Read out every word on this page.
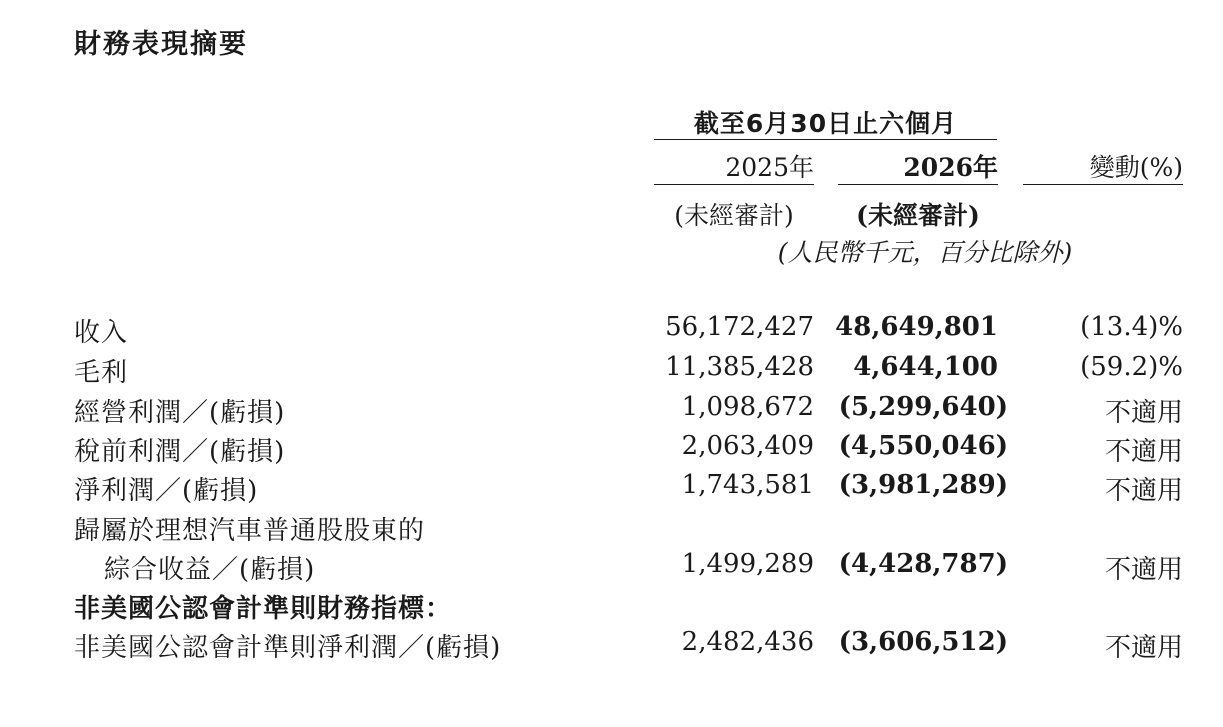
財務表現摘要
截至6月30日止六個月
2025年	2026年	變動(%)
(未經審計)	(未經審計)
(人民幣千元，百分比除外)
收入	56,172,427 48,649,801	(13.4)%
毛利	11,385,428 4,644,100	(59.2)%
經營利潤／(虧損)	1,098,672 (5,299,640)	不適用
稅前利潤／(虧損)	2,063,409 (4,550,046)	不適用
淨利潤／(虧損)	1,743,581 (3,981,289)	不適用
歸屬於理想汽車普通股股東的
綜合收益／(虧損)	1,499,289 (4,428,787)	不適用
非美國公認會計準則財務指標：
非美國公認會計準則淨利潤／(虧損)	2,482,436 (3,606,512)	不適用
